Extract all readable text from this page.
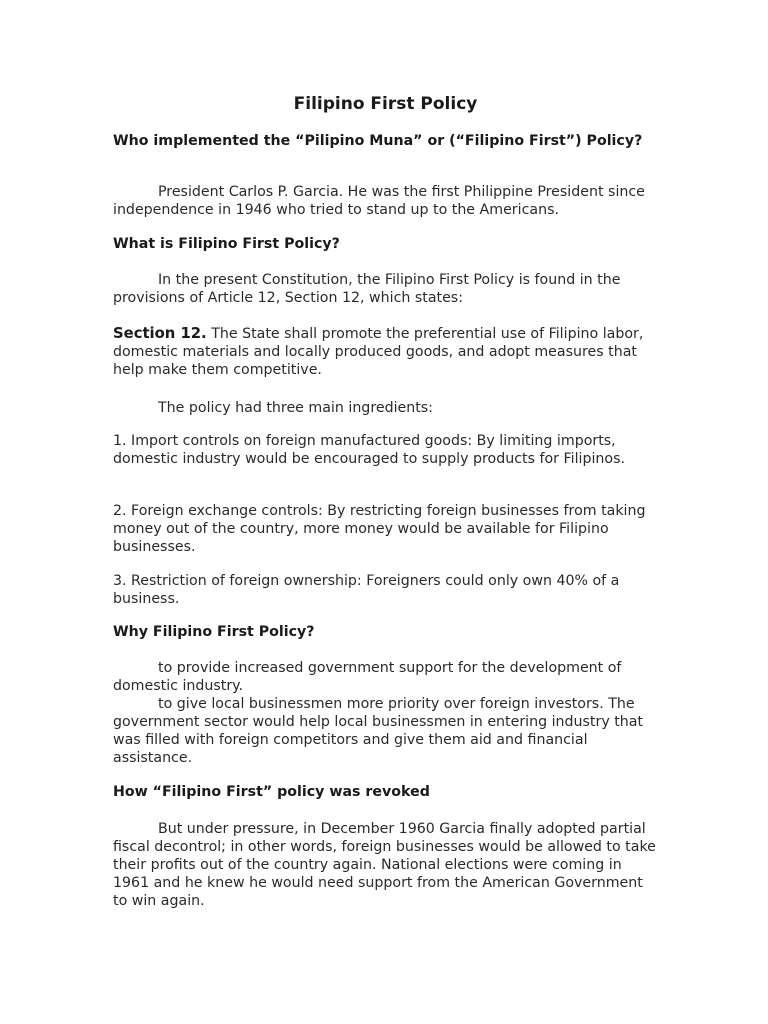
Filipino First Policy
Who implemented the “Pilipino Muna” or (“Filipino First”) Policy?
President Carlos P. Garcia. He was the first Philippine President since independence in 1946 who tried to stand up to the Americans.
What is Filipino First Policy?
In the present Constitution, the Filipino First Policy is found in the provisions of Article 12, Section 12, which states:
Section 12. The State shall promote the preferential use of Filipino labor, domestic materials and locally produced goods, and adopt measures that help make them competitive.
The policy had three main ingredients:
1. Import controls on foreign manufactured goods: By limiting imports, domestic industry would be encouraged to supply products for Filipinos.
2. Foreign exchange controls: By restricting foreign businesses from taking money out of the country, more money would be available for Filipino businesses.
3. Restriction of foreign ownership: Foreigners could only own 40% of a business.
Why Filipino First Policy?
to provide increased government support for the development of domestic industry.
to give local businessmen more priority over foreign investors. The government sector would help local businessmen in entering industry that was filled with foreign competitors and give them aid and financial assistance.
How “Filipino First” policy was revoked
But under pressure, in December 1960 Garcia finally adopted partial fiscal decontrol; in other words, foreign businesses would be allowed to take their profits out of the country again. National elections were coming in 1961 and he knew he would need support from the American Government to win again.
